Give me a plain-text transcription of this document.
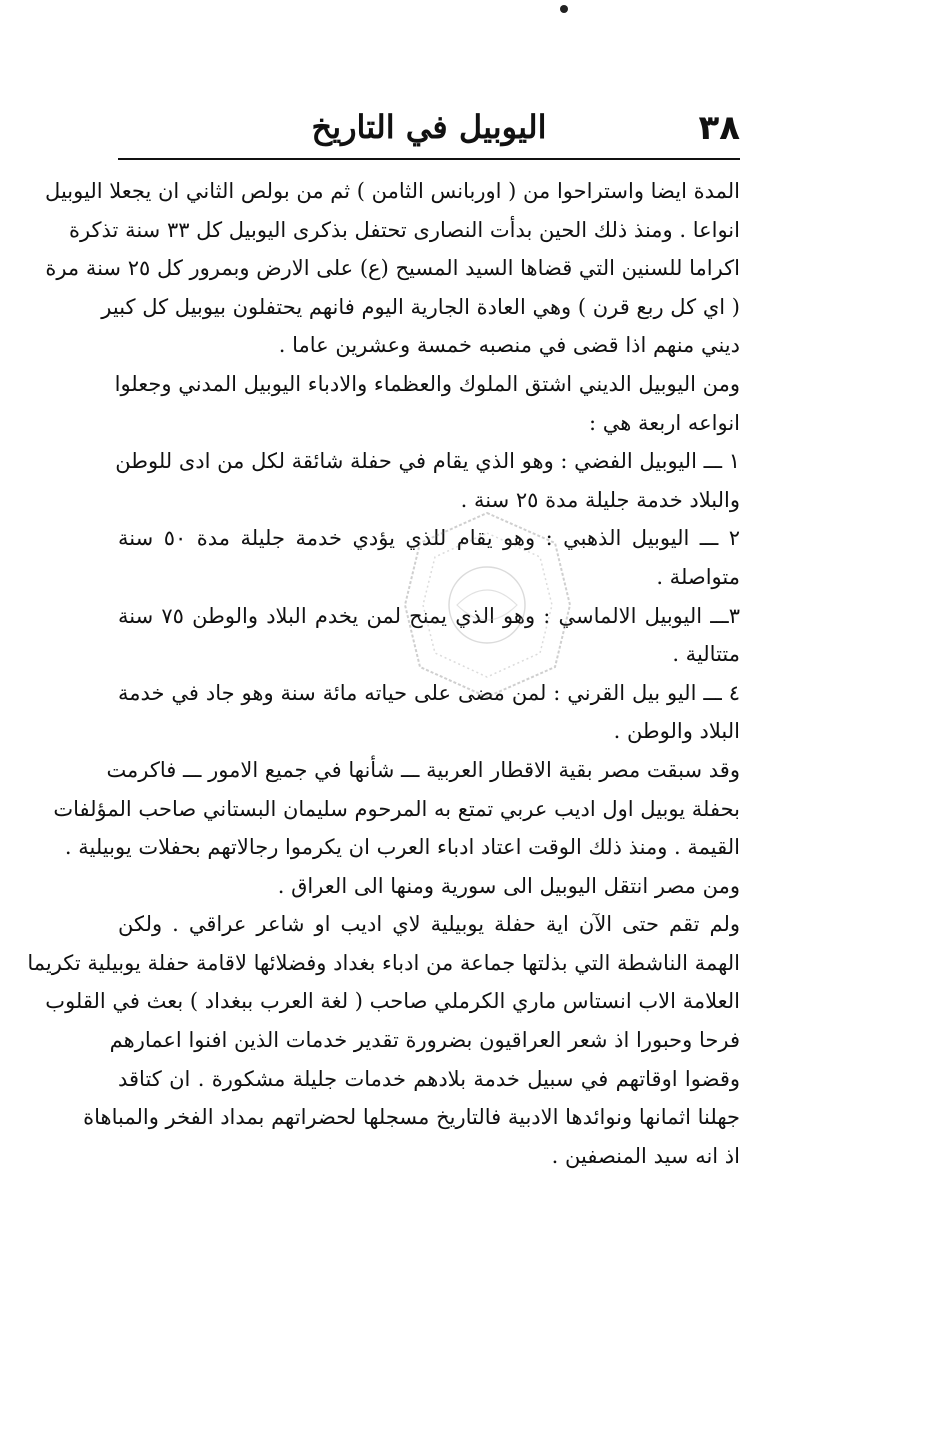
٣٨
اليوبيل في التاريخ
المدة ايضا واستراحوا من ( اوربانس الثامن ) ثم من بولص الثاني ان يجعلا اليوبيل
انواعا . ومنذ ذلك الحين بدأت النصارى تحتفل بذكرى اليوبيل كل ٣٣ سنة تذكرة
اكراما للسنين التي قضاها السيد المسيح (ع) على الارض وبمرور كل ٢٥ سنة مرة
( اي كل ربع قرن ) وهي العادة الجارية اليوم فانهم يحتفلون بيوبيل كل كبير
ديني منهم اذا قضى في منصبه خمسة وعشرين عاما .
ومن اليوبيل الديني اشتق الملوك والعظماء والادباء اليوبيل المدني وجعلوا
انواعه اربعة هي :
١ ـــ اليوبيل الفضي : وهو الذي يقام في حفلة شائقة لكل من ادى للوطن
والبلاد خدمة جليلة مدة ٢٥ سنة .
٢ ـــ اليوبيل الذهبي : وهو يقام للذي يؤدي خدمة جليلة مدة ٥٠ سنة
متواصلة .
٣ـــ اليوبيل الالماسي : وهو الذي يمنح لمن يخدم البلاد والوطن ٧٥ سنة
متتالية .
٤ ـــ اليو بيل القرني : لمن مضى على حياته مائة سنة وهو جاد في خدمة
البلاد والوطن .
وقد سبقت مصر بقية الاقطار العربية ـــ شأنها في جميع الامور ـــ فاكرمت
بحفلة يوبيل اول اديب عربي تمتع به المرحوم سليمان البستاني صاحب المؤلفات
القيمة . ومنذ ذلك الوقت اعتاد ادباء العرب ان يكرموا رجالاتهم بحفلات يوبيلية .
ومن مصر انتقل اليوبيل الى سورية ومنها الى العراق .
ولم تقم حتى الآن اية حفلة يوبيلية لاي اديب او شاعر عراقي . ولكن
الهمة الناشطة التي بذلتها جماعة من ادباء بغداد وفضلائها لاقامة حفلة يوبيلية تكريما
العلامة الاب انستاس ماري الكرملي صاحب ( لغة العرب ببغداد ) بعث في القلوب
فرحا وحبورا اذ شعر العراقيون بضرورة تقدير خدمات الذين افنوا اعمارهم
وقضوا اوقاتهم في سبيل خدمة بلادهم خدمات جليلة مشكورة . ان كتاقد
جهلنا اثمانها ونوائدها الادبية فالتاريخ مسجلها لحضراتهم بمداد الفخر والمباهاة
اذ انه سيد المنصفين .
